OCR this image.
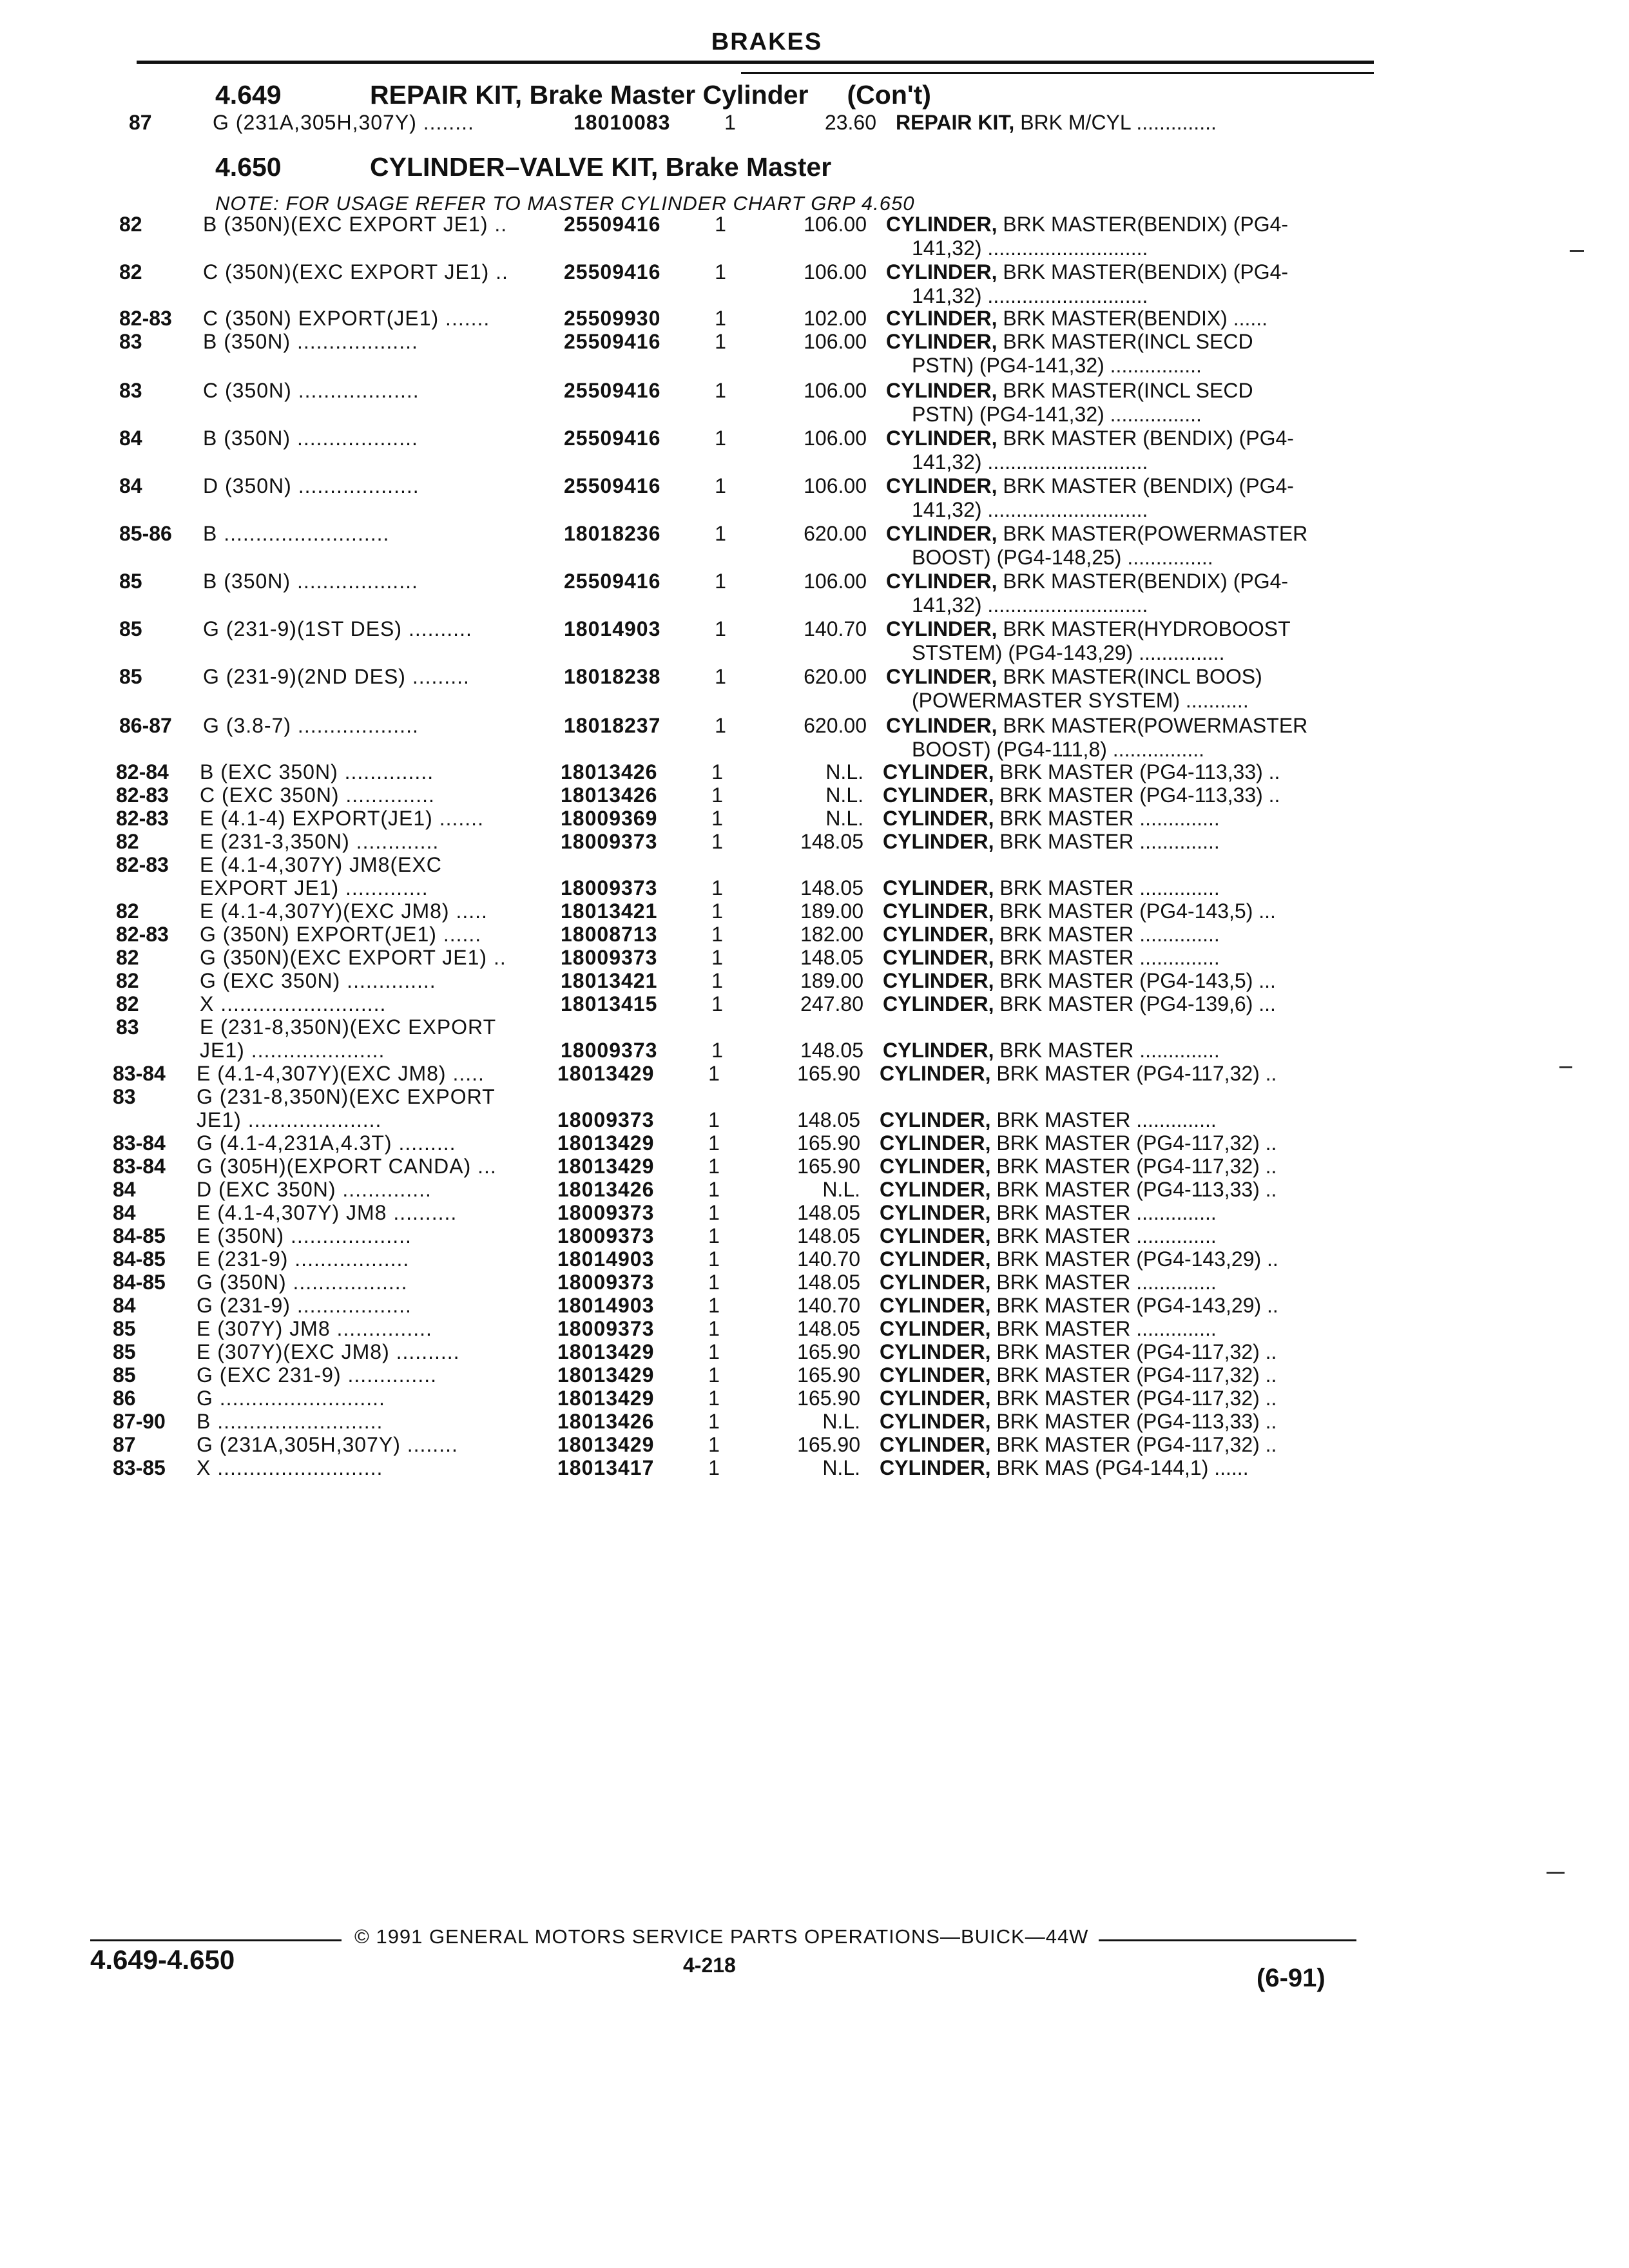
BRAKES
4.649	REPAIR KIT, Brake Master Cylinder (Con't)
4.650	CYLINDER–VALVE KIT, Brake Master
NOTE: FOR USAGE REFER TO MASTER CYLINDER CHART GRP 4.650
87	G (231A,305H,307Y) ........	18010083	1	23.60 REPAIR KIT, BRK M/CYL ..............
82	B (350N)(EXC EXPORT JE1) ..	25509416	1	106.00 CYLINDER, BRK MASTER(BENDIX) (PG4-
141,32) ............................
82	C (350N)(EXC EXPORT JE1) ..	25509416	1	106.00 CYLINDER, BRK MASTER(BENDIX) (PG4-
141,32) ............................
82-83	C (350N) EXPORT(JE1) .......	25509930	1	102.00 CYLINDER, BRK MASTER(BENDIX) ......
83	B (350N) ...................	25509416	1	106.00 CYLINDER, BRK MASTER(INCL SECD
PSTN) (PG4-141,32) ................
83	C (350N) ...................	25509416	1	106.00 CYLINDER, BRK MASTER(INCL SECD
PSTN) (PG4-141,32) ................
84	B (350N) ...................	25509416	1	106.00 CYLINDER, BRK MASTER (BENDIX) (PG4-
141,32) ............................
84	D (350N) ...................	25509416	1	106.00 CYLINDER, BRK MASTER (BENDIX) (PG4-
141,32) ............................
85-86	B ..........................	18018236	1	620.00 CYLINDER, BRK MASTER(POWERMASTER
BOOST) (PG4-148,25) ...............
85	B (350N) ...................	25509416	1	106.00 CYLINDER, BRK MASTER(BENDIX) (PG4-
141,32) ............................
85	G (231-9)(1ST DES) ..........	18014903	1	140.70 CYLINDER, BRK MASTER(HYDROBOOST
STSTEM) (PG4-143,29) ...............
85	G (231-9)(2ND DES) .........	18018238	1	620.00 CYLINDER, BRK MASTER(INCL BOOS)
(POWERMASTER SYSTEM) ...........
86-87	G (3.8-7) ...................	18018237	1	620.00 CYLINDER, BRK MASTER(POWERMASTER
BOOST) (PG4-111,8) ................
82-84	B (EXC 350N) ..............	18013426	1	N.L. CYLINDER, BRK MASTER (PG4-113,33) ..
82-83	C (EXC 350N) ..............	18013426	1	N.L. CYLINDER, BRK MASTER (PG4-113,33) ..
82-83	E (4.1-4) EXPORT(JE1) .......	18009369	1	N.L. CYLINDER, BRK MASTER ..............
82	E (231-3,350N) .............	18009373	1	148.05 CYLINDER, BRK MASTER ..............
82-83	E (4.1-4,307Y) JM8(EXC
EXPORT JE1) .............	18009373	1	148.05 CYLINDER, BRK MASTER ..............
82	E (4.1-4,307Y)(EXC JM8) .....	18013421	1	189.00 CYLINDER, BRK MASTER (PG4-143,5) ...
82-83	G (350N) EXPORT(JE1) ......	18008713	1	182.00 CYLINDER, BRK MASTER ..............
82	G (350N)(EXC EXPORT JE1) ..	18009373	1	148.05 CYLINDER, BRK MASTER ..............
82	G (EXC 350N) ..............	18013421	1	189.00 CYLINDER, BRK MASTER (PG4-143,5) ...
82	X ..........................	18013415	1	247.80 CYLINDER, BRK MASTER (PG4-139,6) ...
83	E (231-8,350N)(EXC EXPORT
JE1) .....................	18009373	1	148.05 CYLINDER, BRK MASTER ..............
83-84	E (4.1-4,307Y)(EXC JM8) .....	18013429	1	165.90 CYLINDER, BRK MASTER (PG4-117,32) ..
83	G (231-8,350N)(EXC EXPORT
JE1) .....................	18009373	1	148.05 CYLINDER, BRK MASTER ..............
83-84	G (4.1-4,231A,4.3T) .........	18013429	1	165.90 CYLINDER, BRK MASTER (PG4-117,32) ..
83-84	G (305H)(EXPORT CANDA) ...	18013429	1	165.90 CYLINDER, BRK MASTER (PG4-117,32) ..
84	D (EXC 350N) ..............	18013426	1	N.L. CYLINDER, BRK MASTER (PG4-113,33) ..
84	E (4.1-4,307Y) JM8 ..........	18009373	1	148.05 CYLINDER, BRK MASTER ..............
84-85	E (350N) ...................	18009373	1	148.05 CYLINDER, BRK MASTER ..............
84-85	E (231-9) ..................	18014903	1	140.70 CYLINDER, BRK MASTER (PG4-143,29) ..
84-85	G (350N) ..................	18009373	1	148.05 CYLINDER, BRK MASTER ..............
84	G (231-9) ..................	18014903	1	140.70 CYLINDER, BRK MASTER (PG4-143,29) ..
85	E (307Y) JM8 ...............	18009373	1	148.05 CYLINDER, BRK MASTER ..............
85	E (307Y)(EXC JM8) ..........	18013429	1	165.90 CYLINDER, BRK MASTER (PG4-117,32) ..
85	G (EXC 231-9) ..............	18013429	1	165.90 CYLINDER, BRK MASTER (PG4-117,32) ..
86	G ..........................	18013429	1	165.90 CYLINDER, BRK MASTER (PG4-117,32) ..
87-90	B ..........................	18013426	1	N.L. CYLINDER, BRK MASTER (PG4-113,33) ..
87	G (231A,305H,307Y) ........	18013429	1	165.90 CYLINDER, BRK MASTER (PG4-117,32) ..
83-85	X ..........................	18013417	1	N.L. CYLINDER, BRK MAS (PG4-144,1) ......
4.649-4.650
© 1991 GENERAL MOTORS SERVICE PARTS OPERATIONS—BUICK—44W
4-218	(6-91)
